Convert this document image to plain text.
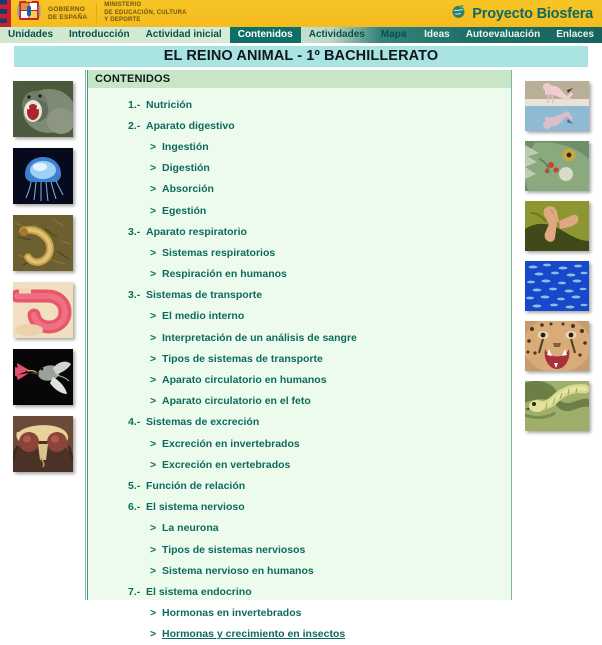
GOBIERNO
DE ESPAÑA
MINISTERIO
DE EDUCACIÓN, CULTURA
Y DEPORTE	Proyecto Biosfera
Unidades	Introducción	Actividad inicial	Contenidos	Actividades	Mapa	Ideas	Autoevaluación	Enlaces
EL REINO ANIMAL - 1º BACHILLERATO
CONTENIDOS
1.- Nutrición
2.- Aparato digestivo
> Ingestión
> Digestión
> Absorción
> Egestión
3.- Aparato respiratorio
> Sistemas respiratorios
> Respiración en humanos
3.- Sistemas de transporte
> El medio interno
> Interpretación de un análisis de sangre
> Tipos de sistemas de transporte
> Aparato circulatorio en humanos
> Aparato circulatorio en el feto
4.- Sistemas de excreción
> Excreción en invertebrados
> Excreción en vertebrados
5.- Función de relación
6.- El sistema nervioso
> La neurona
> Tipos de sistemas nerviosos
> Sistema nervioso en humanos
7.- El sistema endocrino
> Hormonas en invertebrados
> Hormonas y crecimiento en insectos
